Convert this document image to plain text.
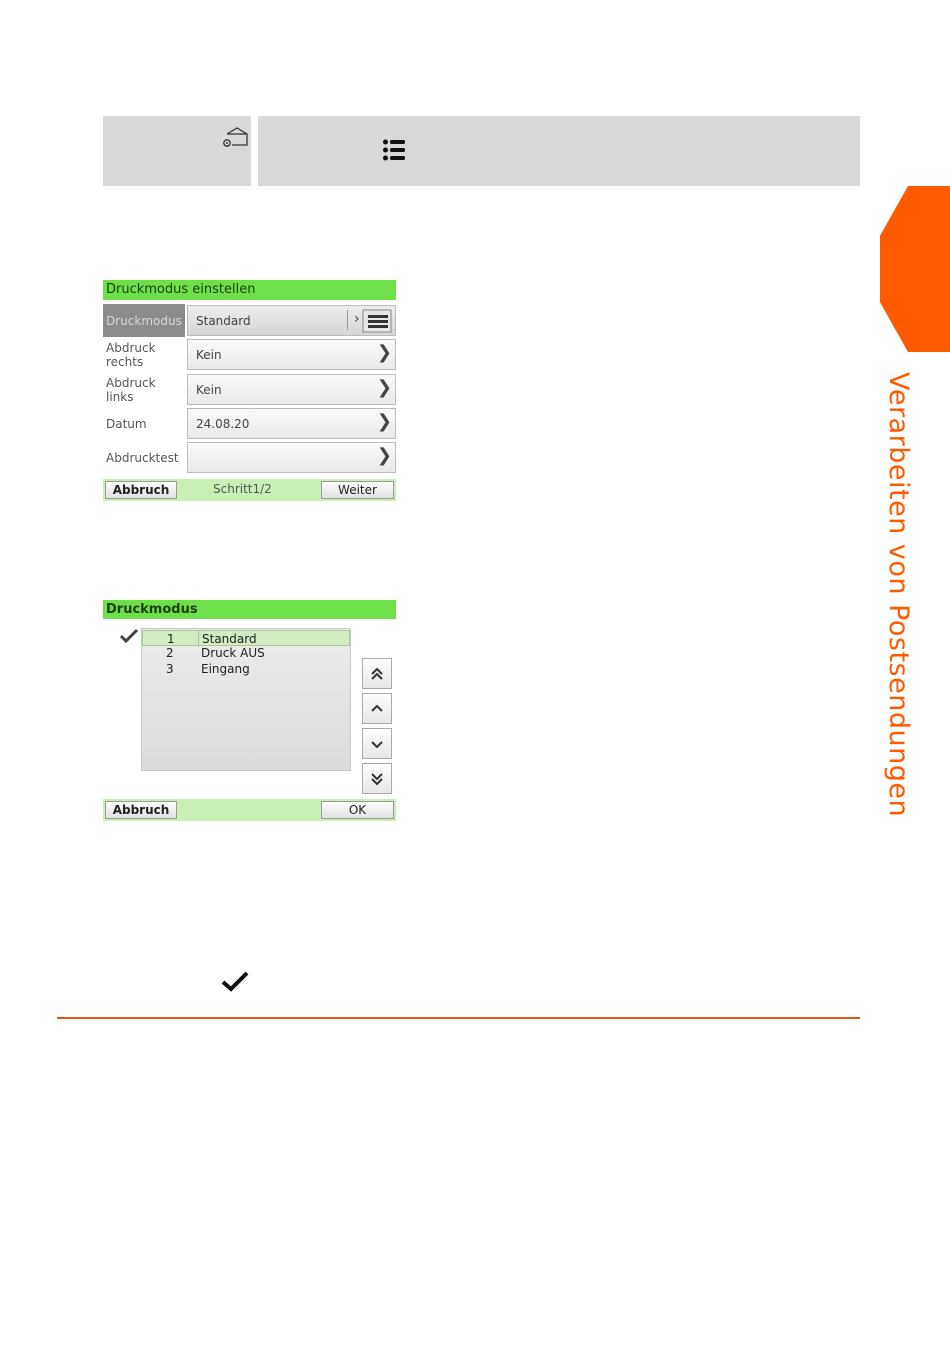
Druckmodus einstellen
Druckmodus Standard	›
Abdruck rechts	Kein	❯
Abdruck links	Kein	❯
Datum	24.08.20	❯
Abdrucktest	❯
Abbruch	Schritt1/2	Weiter
Druckmodus
1 Standard
2 Druck AUS
3 Eingang
Abbruch	OK	Verarbeiten von Postsendungen
